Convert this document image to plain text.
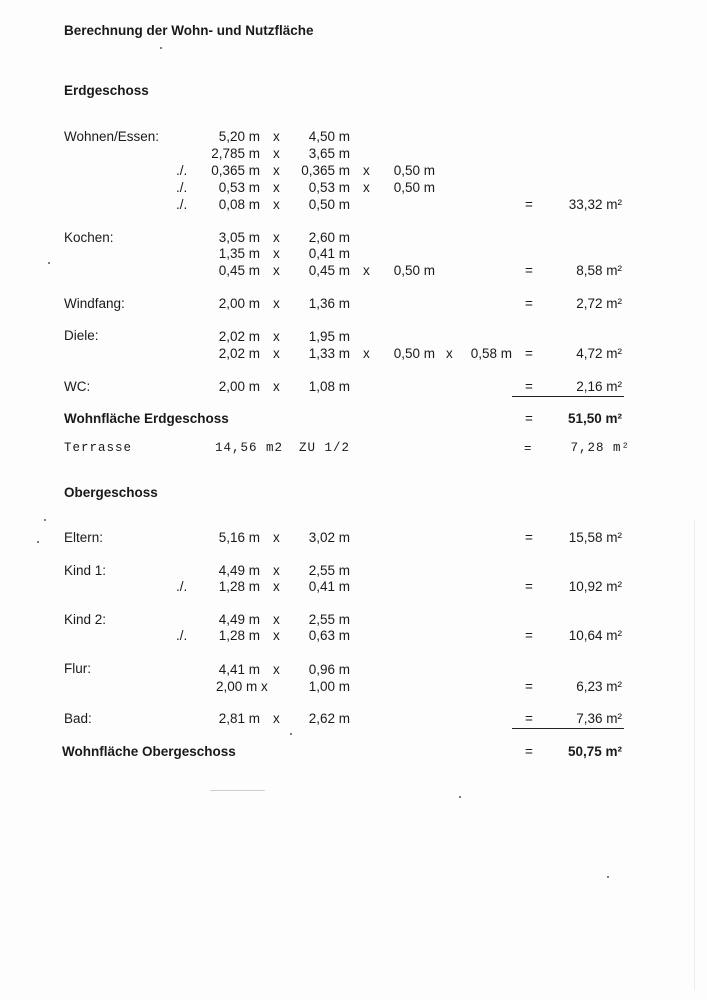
Berechnung der Wohn- und Nutzfläche
Erdgeschoss
Wohnen/Essen:	5,20 m x	4,50 m
2,785 m x	3,65 m
./.	0,365 m x	0,365 m x	0,50 m
./.	0,53 m x	0,53 m x	0,50 m
./.	0,08 m x	0,50 m	=	33,32 m²
Kochen:	3,05 m x	2,60 m
1,35 m x	0,41 m
0,45 m x	0,45 m x	0,50 m	=	8,58 m²
Windfang:	2,00 m x	1,36 m	=	2,72 m²
Diele:	2,02 m x	1,95 m
2,02 m x	1,33 m x	0,50 m x	0,58 m =	4,72 m²
WC:	2,00 m x	1,08 m	=	2,16 m²
Wohnfläche Erdgeschoss	=	51,50 m²
Terrasse	14,56 m2 ZU 1/2	=	7,28 m²
Obergeschoss
Eltern:	5,16 m x	3,02 m	=	15,58 m²
Kind 1:	4,49 m x	2,55 m
./.	1,28 m x	0,41 m	=	10,92 m²
Kind 2:	4,49 m x	2,55 m
./.	1,28 m x	0,63 m	=	10,64 m²
Flur:	4,41 m x	0,96 m
2,00 m x	1,00 m	=	6,23 m²
Bad:	2,81 m x	2,62 m	=	7,36 m²
Wohnfläche Obergeschoss	=	50,75 m²
